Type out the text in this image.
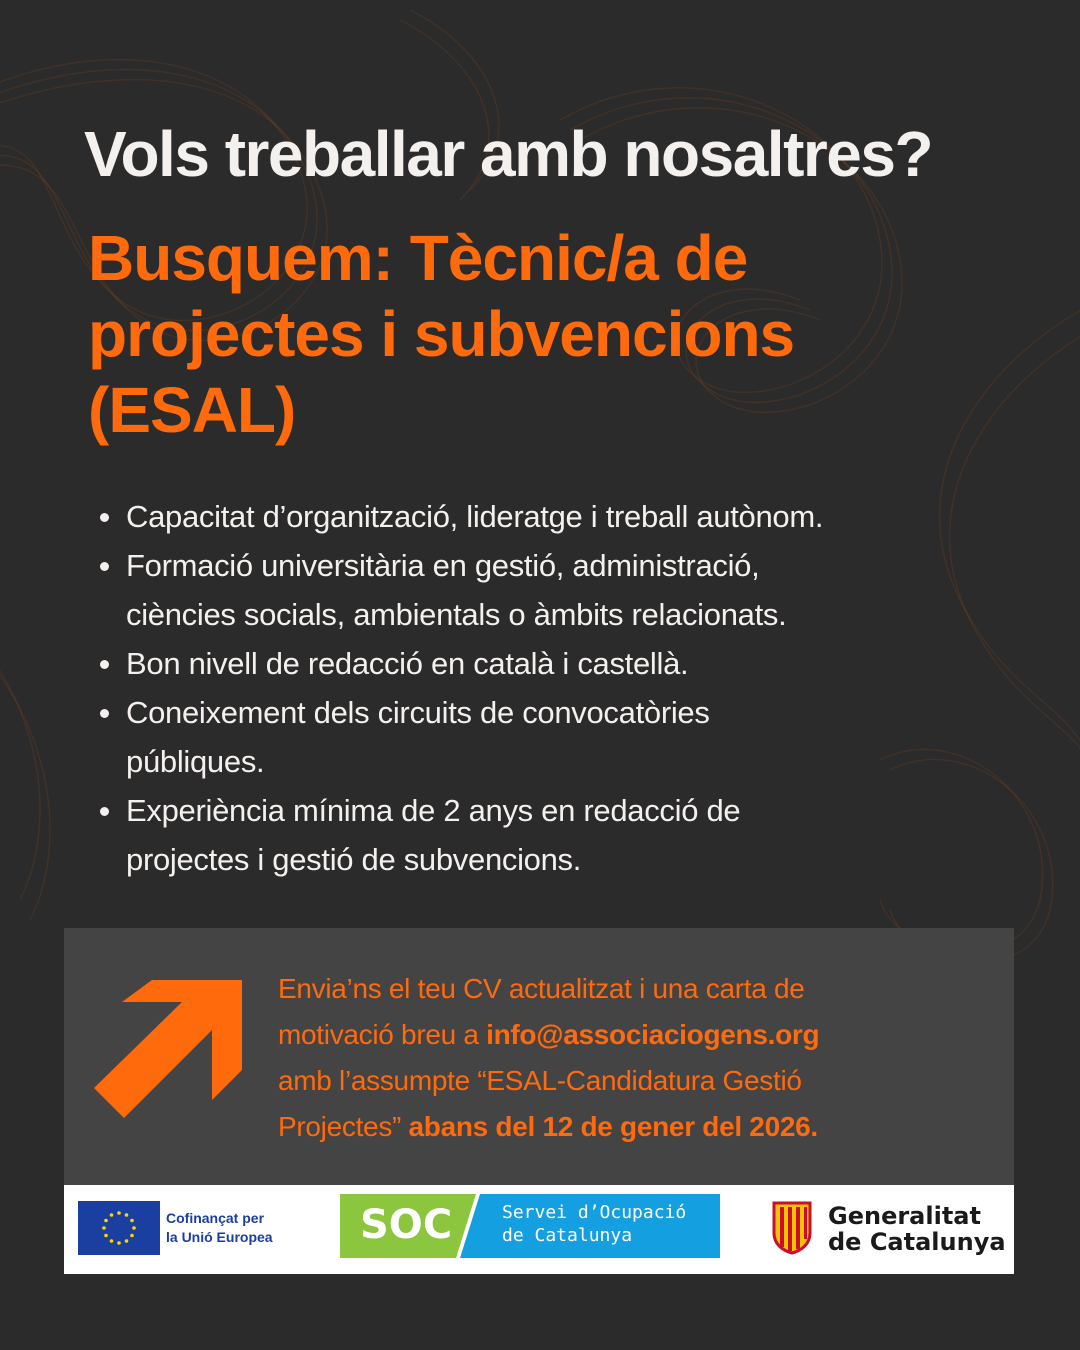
Vols treballar amb nosaltres?
Busquem: Tècnic/a de
projectes i subvencions
(ESAL)
Capacitat d’organització, lideratge i treball autònom.
Formació universitària en gestió, administració,
ciències socials, ambientals o àmbits relacionats.
Bon nivell de redacció en català i castellà.
Coneixement dels circuits de convocatòries
públiques.
Experiència mínima de 2 anys en redacció de
projectes i gestió de subvencions.
Envia’ns el teu CV actualitzat i una carta de
motivació breu a info@associaciogens.org
amb l’assumpte “ESAL-Candidatura Gestió
Projectes” abans del 12 de gener del 2026.
Cofinançat per
la Unió Europea SOC	Servei d’Ocupació
de Catalunya
Generalitat
de Catalunya
